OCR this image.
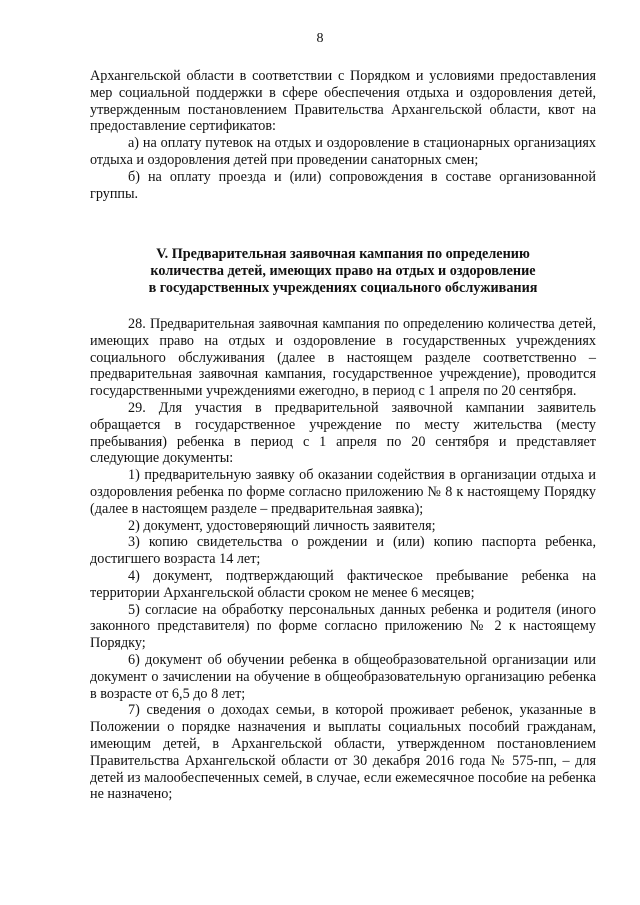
8

Архангельской области в соответствии с Порядком и условиями предоставления мер социальной поддержки в сфере обеспечения отдыха и оздоровления детей, утвержденным постановлением Правительства Архангельской области, квот на предоставление сертификатов:

а) на оплату путевок на отдых и оздоровление в стационарных организациях отдыха и оздоровления детей при проведении санаторных смен;

б) на оплату проезда и (или) сопровождения в составе организованной группы.

V. Предварительная заявочная кампания по определению
количества детей, имеющих право на отдых и оздоровление
в государственных учреждениях социального обслуживания

28. Предварительная заявочная кампания по определению количества детей, имеющих право на отдых и оздоровление в государственных учреждениях социального обслуживания (далее в настоящем разделе соответственно – предварительная заявочная кампания, государственное учреждение), проводится государственными учреждениями ежегодно, в период с 1 апреля по 20 сентября.

29. Для участия в предварительной заявочной кампании заявитель обращается в государственное учреждение по месту жительства (месту пребывания) ребенка в период с 1 апреля по 20 сентября и представляет следующие документы:

1) предварительную заявку об оказании содействия в организации отдыха и оздоровления ребенка по форме согласно приложению № 8 к настоящему Порядку (далее в настоящем разделе – предварительная заявка);

2) документ, удостоверяющий личность заявителя;

3) копию свидетельства о рождении и (или) копию паспорта ребенка, достигшего возраста 14 лет;

4) документ, подтверждающий фактическое пребывание ребенка на территории Архангельской области сроком не менее 6 месяцев;

5) согласие на обработку персональных данных ребенка и родителя (иного законного представителя) по форме согласно приложению № 2 к настоящему Порядку;

6) документ об обучении ребенка в общеобразовательной организации или документ о зачислении на обучение в общеобразовательную организацию ребенка в возрасте от 6,5 до 8 лет;

7) сведения о доходах семьи, в которой проживает ребенок, указанные в Положении о порядке назначения и выплаты социальных пособий гражданам, имеющим детей, в Архангельской области, утвержденном постановлением Правительства Архангельской области от 30 декабря 2016 года № 575-пп, – для детей из малообеспеченных семей, в случае, если ежемесячное пособие на ребенка не назначено;
